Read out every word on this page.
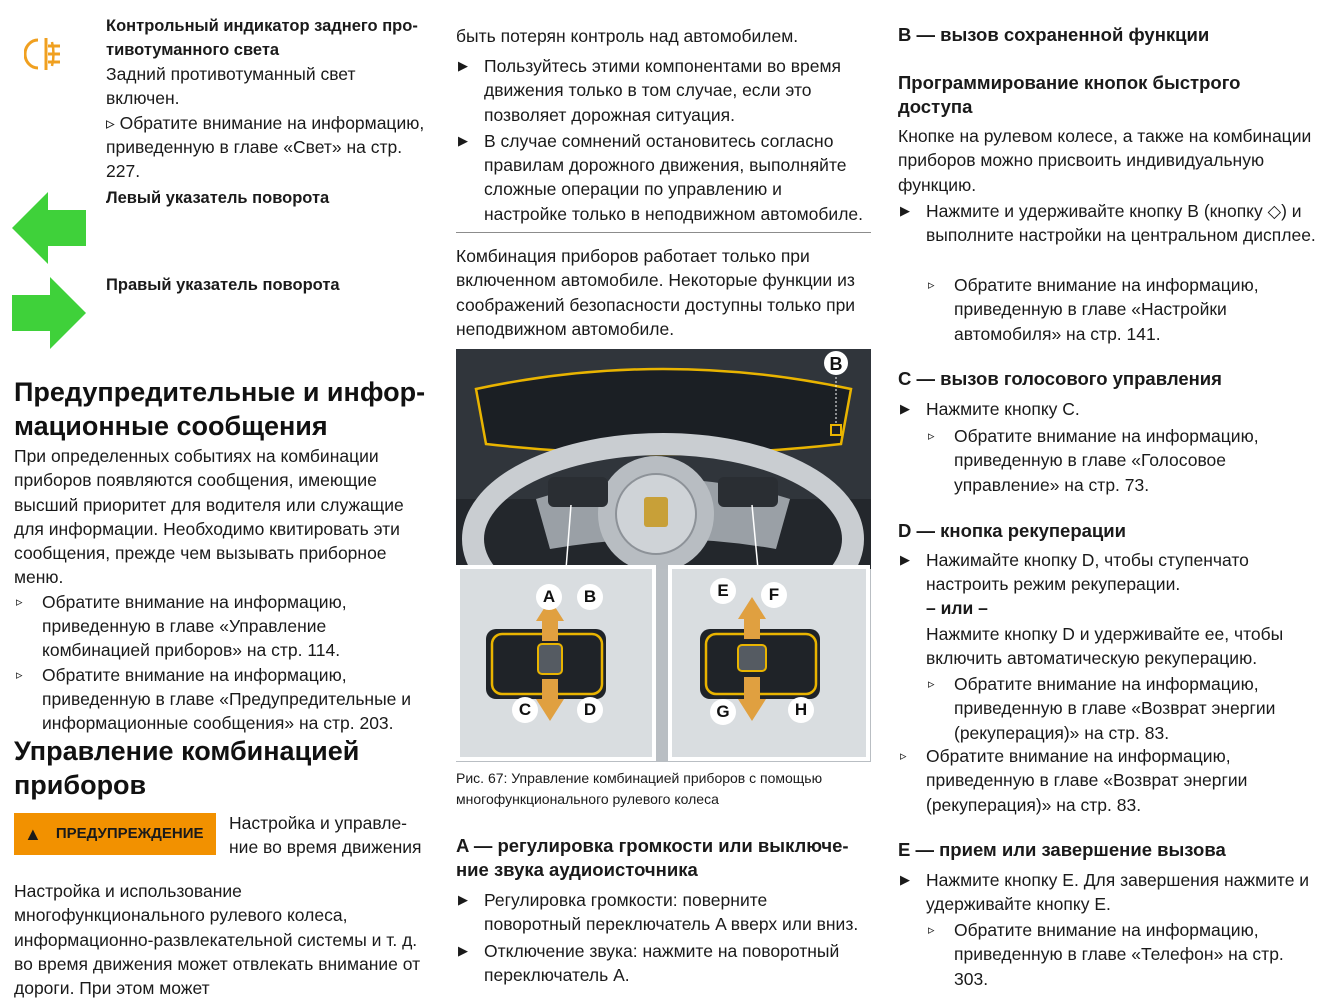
Контрольный индикатор заднего про- тивотуманного света

Задний противотуманный свет включен.

▹ Обратите внимание на информацию, приведенную в главе «Свет» на стр. 227.

Левый указатель поворота

Правый указатель поворота

Предупредительные и инфор- мационные сообщения

При определенных событиях на комбинации приборов появляются сообщения, имеющие высший приоритет для водителя или служащие для информации. Необходимо квитировать эти сообщения, прежде чем вызывать приборное меню.

▹ Обратите внимание на информацию, приведенную в главе «Управление комбинацией приборов» на стр. 114.
▹ Обратите внимание на информацию, приведенную в главе «Предупредительные и информационные сообщения» на стр. 203.
Управление комбинацией приборов
▲ ПРЕДУПРЕЖДЕНИЕ

Настройка и управле- ние во время движения

Настройка и использование многофункционального рулевого колеса, информационно-развлекательной системы и т. д. во время движения может отвлекать внимание от дороги. При этом может

быть потерян контроль над автомобилем.

▶ Пользуйтесь этими компонентами во время движения только в том случае, если это позволяет дорожная ситуация.
▶ В случае сомнений остановитесь согласно правилам дорожного движения, выполняйте сложные операции по управлению и настройке только в неподвижном автомобиле.

Комбинация приборов работает только при включенном автомобиле. Некоторые функции из соображений безопасности доступны только при неподвижном автомобиле.

B
A	B
C	D
E	F
G	H

Рис. 67: Управление комбинацией приборов с помощью многофункционального рулевого колеса

A — регулировка громкости или выключе- ние звука аудиоисточника
▶ Регулировка громкости: поверните поворотный переключатель A вверх или вниз.
▶ Отключение звука: нажмите на поворотный переключатель A.
B — вызов сохраненной функции
Программирование кнопок быстрого доступа

Кнопке на рулевом колесе, а также на комбинации приборов можно присвоить индивидуальную функцию.

▶ Нажмите и удерживайте кнопку B (кнопку ◇) и выполните настройки на центральном дисплее.
▹ Обратите внимание на информацию, приведенную в главе «Настройки автомобиля» на стр. 141.
C — вызов голосового управления
▶ Нажмите кнопку C.
▹ Обратите внимание на информацию, приведенную в главе «Голосовое управление» на стр. 73.
D — кнопка рекуперации
▶ Нажимайте кнопку D, чтобы ступенчато настроить режим рекуперации.

– или –

Нажмите кнопку D и удерживайте ее, чтобы включить автоматическую рекуперацию.

▹ Обратите внимание на информацию, приведенную в главе «Возврат энергии (рекуперация)» на стр. 83.
▹ Обратите внимание на информацию, приведенную в главе «Возврат энергии (рекуперация)» на стр. 83.
E — прием или завершение вызова
▶ Нажмите кнопку E. Для завершения нажмите и удерживайте кнопку E.
▹ Обратите внимание на информацию, приведенную в главе «Телефон» на стр. 303.
